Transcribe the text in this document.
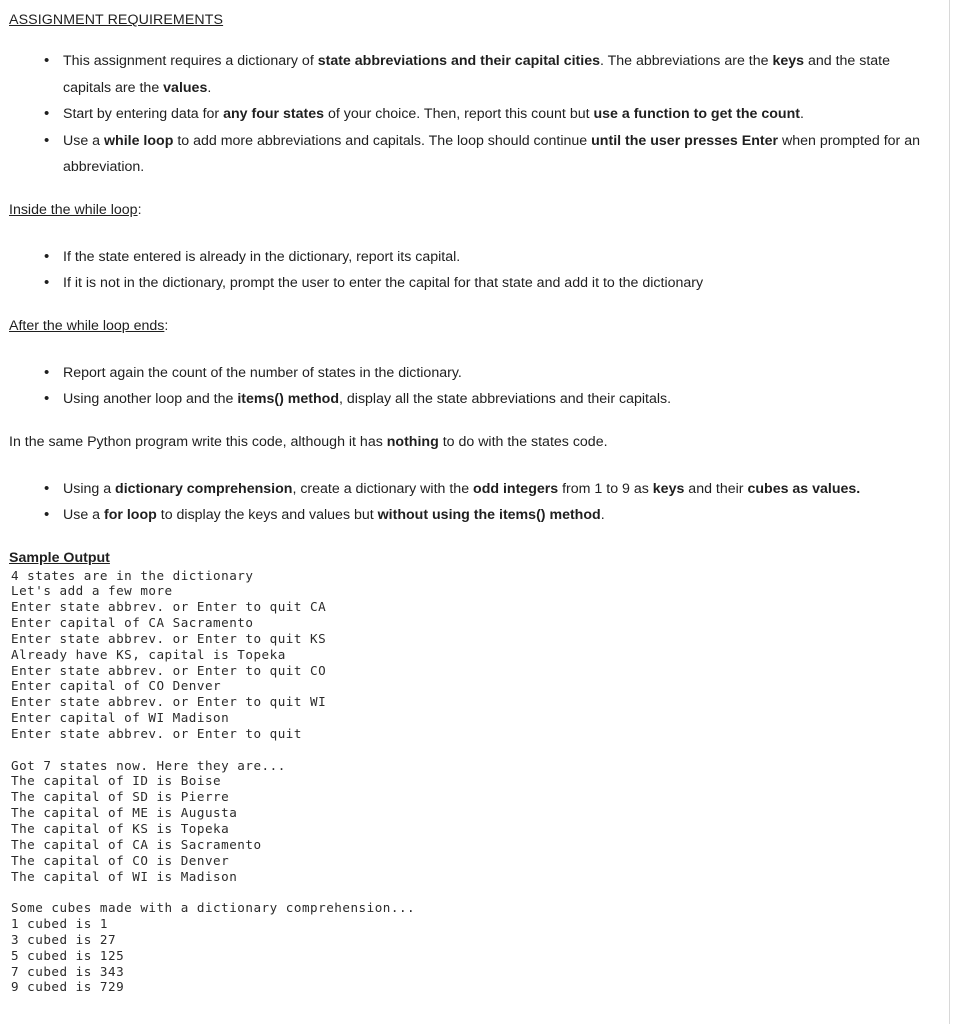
ASSIGNMENT REQUIREMENTS
• This assignment requires a dictionary of state abbreviations and their capital cities. The abbreviations are the keys and the state capitals are the values.
• Start by entering data for any four states of your choice. Then, report this count but use a function to get the count.
• Use a while loop to add more abbreviations and capitals. The loop should continue until the user presses Enter when prompted for an abbreviation.

Inside the while loop:

• If the state entered is already in the dictionary, report its capital.
• If it is not in the dictionary, prompt the user to enter the capital for that state and add it to the dictionary

After the while loop ends:

• Report again the count of the number of states in the dictionary.
• Using another loop and the items() method, display all the state abbreviations and their capitals.

In the same Python program write this code, although it has nothing to do with the states code.

• Using a dictionary comprehension, create a dictionary with the odd integers from 1 to 9 as keys and their cubes as values.
• Use a for loop to display the keys and values but without using the items() method.

Sample Output

4 states are in the dictionary
Let's add a few more
Enter state abbrev. or Enter to quit CA
Enter capital of CA Sacramento
Enter state abbrev. or Enter to quit KS
Already have KS, capital is Topeka
Enter state abbrev. or Enter to quit CO
Enter capital of CO Denver
Enter state abbrev. or Enter to quit WI
Enter capital of WI Madison
Enter state abbrev. or Enter to quit

Got 7 states now. Here they are...
The capital of ID is Boise
The capital of SD is Pierre
The capital of ME is Augusta
The capital of KS is Topeka
The capital of CA is Sacramento
The capital of CO is Denver
The capital of WI is Madison

Some cubes made with a dictionary comprehension...
1 cubed is 1
3 cubed is 27
5 cubed is 125
7 cubed is 343
9 cubed is 729
